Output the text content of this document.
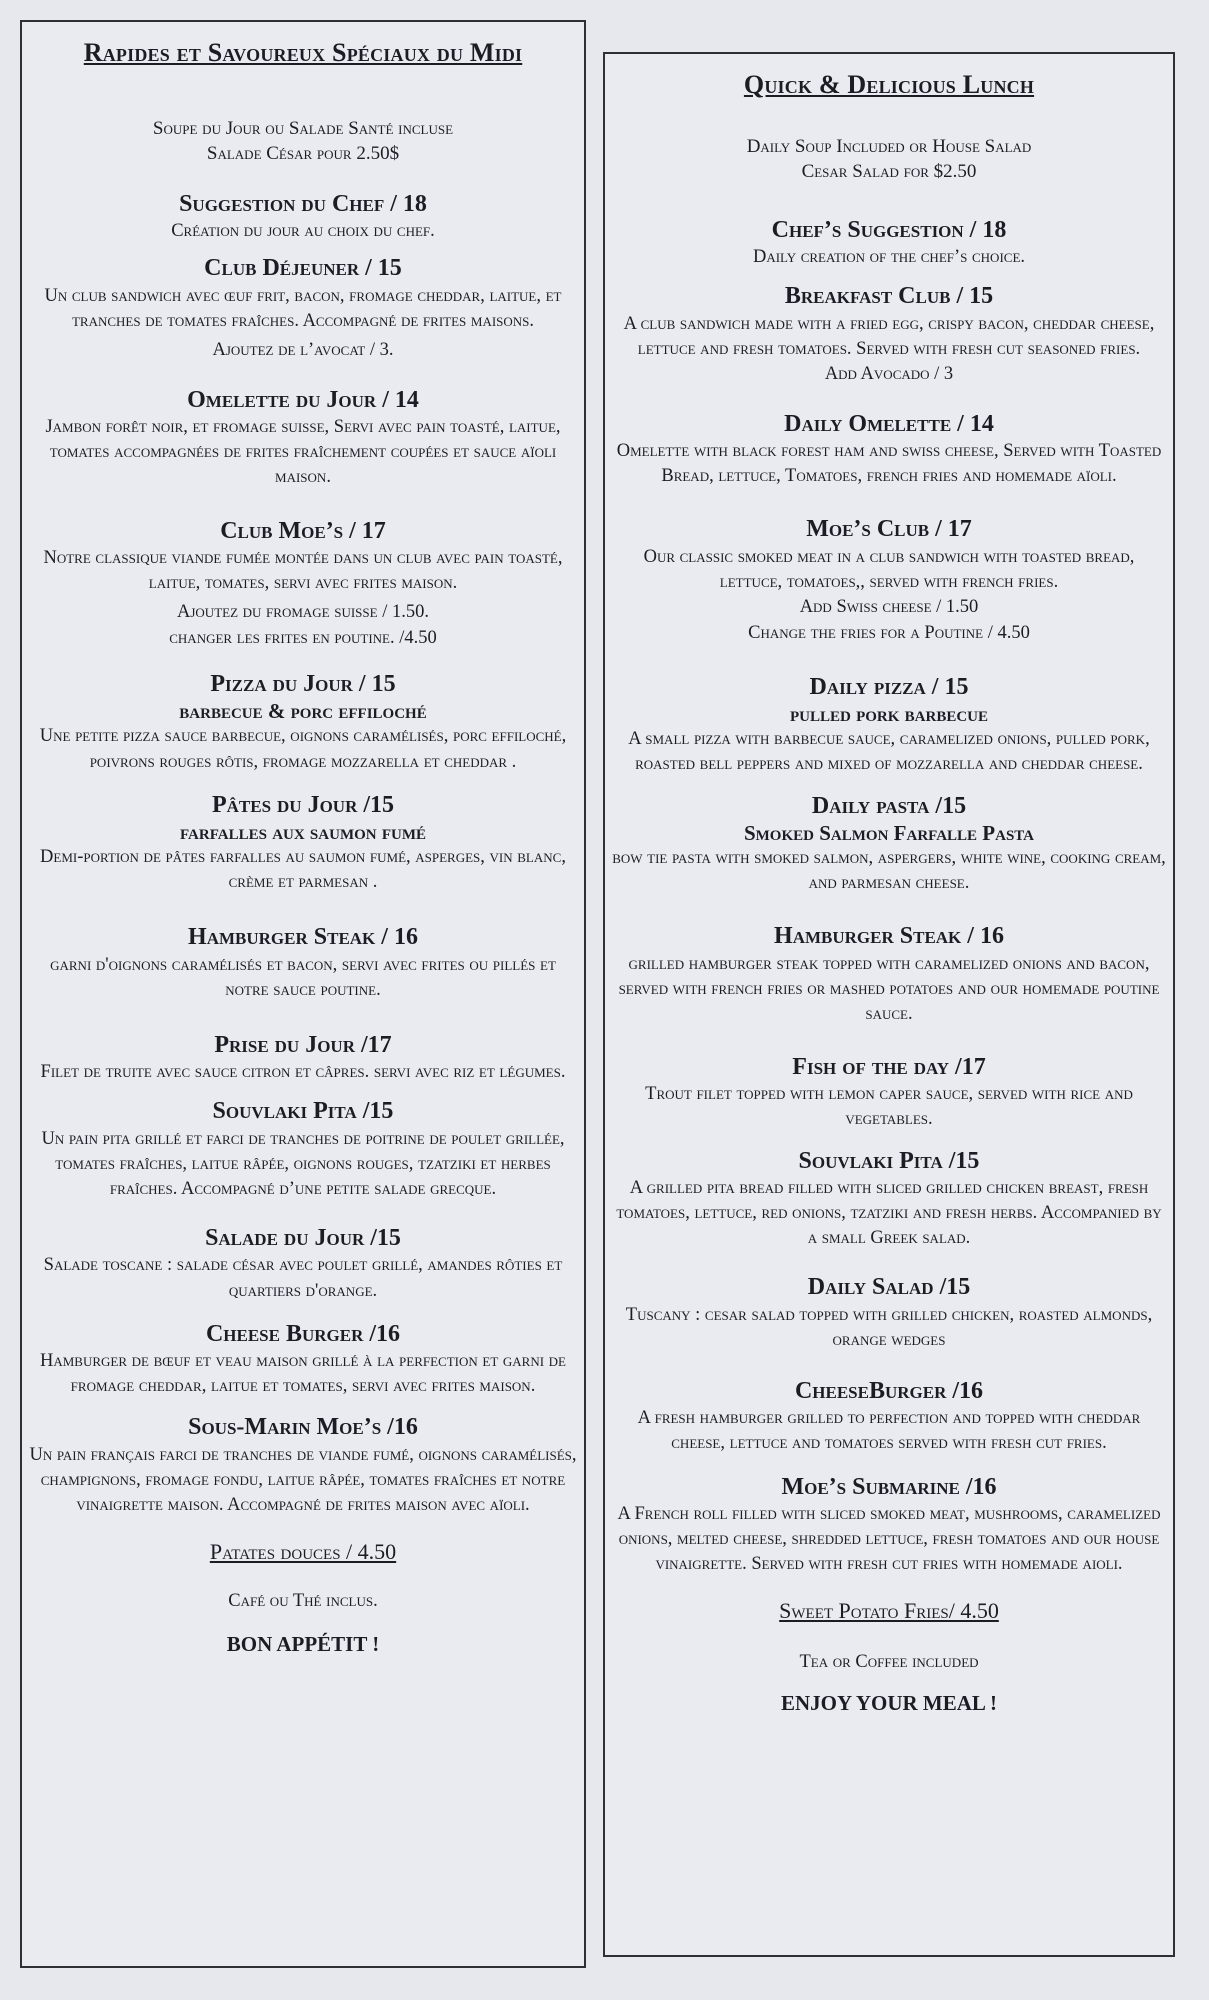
Rapides et Savoureux Spéciaux du Midi
Soupe du Jour ou Salade Santé incluse
Salade César pour 2.50$
Suggestion du Chef / 18
Création du jour au choix du chef.
Club Déjeuner / 15
Un club sandwich avec œuf frit, bacon, fromage cheddar, laitue, et tranches de tomates fraîches. Accompagné de frites maisons.
Ajoutez de l’avocat / 3.
Omelette du Jour / 14
Jambon forêt noir, et fromage suisse, Servi avec pain toasté, laitue, tomates accompagnées de frites fraîchement coupées et sauce aïoli maison.
Club Moe’s / 17
Notre classique viande fumée montée dans un club avec pain toasté, laitue, tomates, servi avec frites maison.
Ajoutez du fromage suisse / 1.50.
changer les frites en poutine. /4.50
Pizza du Jour / 15
barbecue & porc effiloché
Une petite pizza sauce barbecue, oignons caramélisés, porc effiloché, poivrons rouges rôtis, fromage mozzarella et cheddar .
Pâtes du Jour /15
farfalles aux saumon fumé
Demi-portion de pâtes farfalles au saumon fumé, asperges, vin blanc, crème et parmesan .
Hamburger Steak / 16
garni d'oignons caramélisés et bacon, servi avec frites ou pillés et notre sauce poutine.
Prise du Jour /17
Filet de truite avec sauce citron et câpres. servi avec riz et légumes.
Souvlaki Pita /15
Un pain pita grillé et farci de tranches de poitrine de poulet grillée, tomates fraîches, laitue râpée, oignons rouges, tzatziki et herbes fraîches. Accompagné d’une petite salade grecque.
Salade du Jour /15
Salade toscane : salade césar avec poulet grillé, amandes rôties et quartiers d'orange.
Cheese Burger /16
Hamburger de bœuf et veau maison grillé à la perfection et garni de fromage cheddar, laitue et tomates, servi avec frites maison.
Sous-Marin Moe’s /16
Un pain français farci de tranches de viande fumé, oignons caramélisés, champignons, fromage fondu, laitue râpée, tomates fraîches et notre vinaigrette maison. Accompagné de frites maison avec aïoli.
Patates douces / 4.50
Café ou Thé inclus.
BON APPÉTIT !
Quick & Delicious Lunch
Daily Soup Included or House Salad
Cesar Salad for $2.50
Chef’s Suggestion / 18
Daily creation of the chef’s choice.
Breakfast Club / 15
A club sandwich made with a fried egg, crispy bacon, cheddar cheese, lettuce and fresh tomatoes. Served with fresh cut seasoned fries.
Add Avocado / 3
Daily Omelette / 14
Omelette with black forest ham and swiss cheese, Served with Toasted Bread, lettuce, Tomatoes, french fries and homemade aïoli.
Moe’s Club / 17
Our classic smoked meat in a club sandwich with toasted bread, lettuce, tomatoes,, served with french fries.
Add Swiss cheese / 1.50
Change the fries for a Poutine / 4.50
Daily pizza / 15
pulled pork barbecue
A small pizza with barbecue sauce, caramelized onions, pulled pork, roasted bell peppers and mixed of mozzarella and cheddar cheese.
Daily pasta /15
Smoked Salmon Farfalle Pasta
bow tie pasta with smoked salmon, aspergers, white wine, cooking cream, and parmesan cheese.
Hamburger Steak / 16
grilled hamburger steak topped with caramelized onions and bacon, served with french fries or mashed potatoes and our homemade poutine sauce.
Fish of the day /17
Trout filet topped with lemon caper sauce, served with rice and vegetables.
Souvlaki Pita /15
A grilled pita bread filled with sliced grilled chicken breast, fresh tomatoes, lettuce, red onions, tzatziki and fresh herbs. Accompanied by a small Greek salad.
Daily Salad /15
Tuscany : cesar salad topped with grilled chicken, roasted almonds, orange wedges
CheeseBurger /16
A fresh hamburger grilled to perfection and topped with cheddar cheese, lettuce and tomatoes served with fresh cut fries.
Moe’s Submarine /16
A French roll filled with sliced smoked meat, mushrooms, caramelized onions, melted cheese, shredded lettuce, fresh tomatoes and our house vinaigrette. Served with fresh cut fries with homemade aioli.
Sweet Potato Fries/ 4.50
Tea or Coffee included
ENJOY YOUR MEAL !
